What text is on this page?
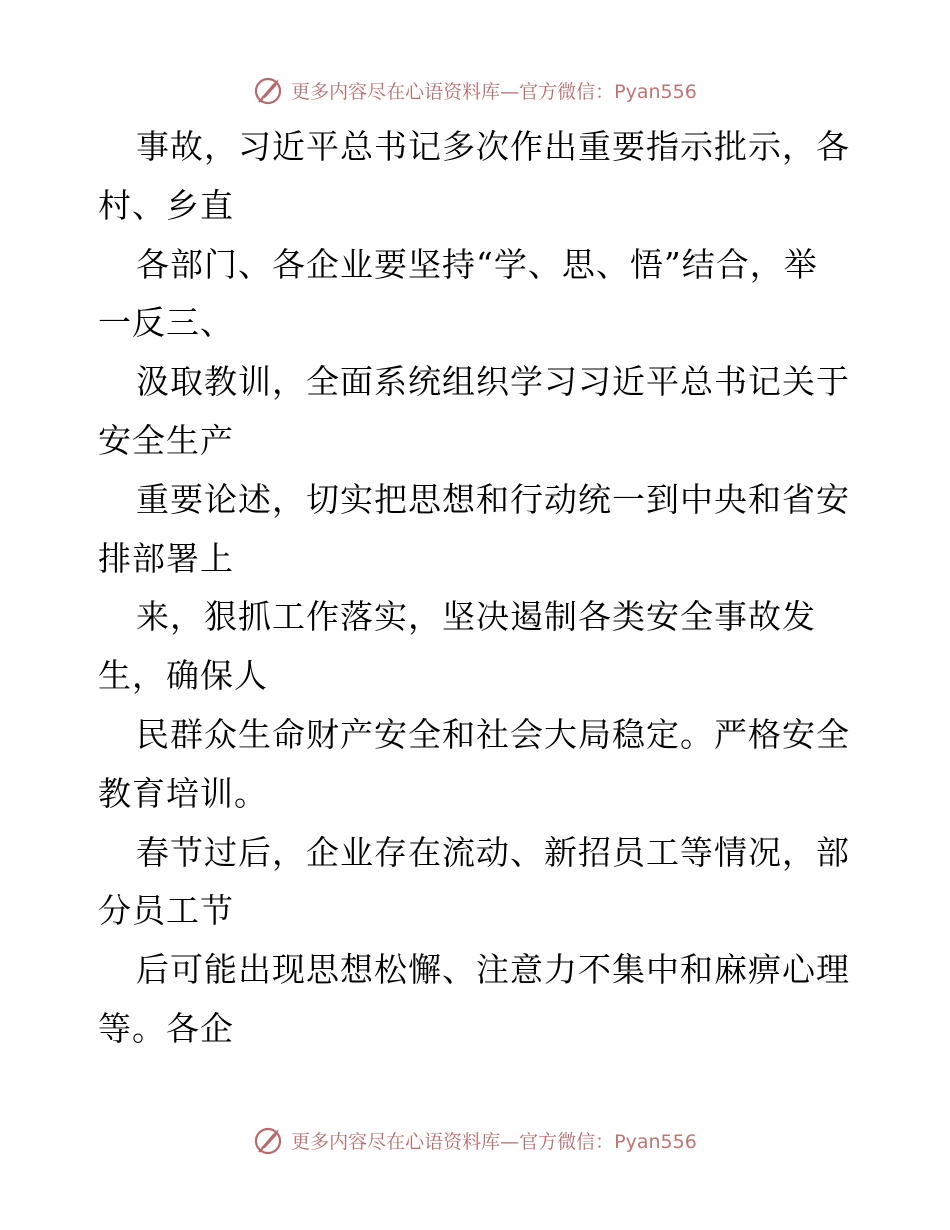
更多内容尽在心语资料库—官方微信：Pyan556
事故，习近平总书记多次作出重要指示批示，各
村、乡直
各部门、各企业要坚持“学、思、悟”结合，举
一反三、
汲取教训，全面系统组织学习习近平总书记关于
安全生产
重要论述，切实把思想和行动统一到中央和省安
排部署上
来，狠抓工作落实，坚决遏制各类安全事故发
生，确保人
民群众生命财产安全和社会大局稳定。严格安全
教育培训。
春节过后，企业存在流动、新招员工等情况，部
分员工节
后可能出现思想松懈、注意力不集中和麻痹心理
等。各企
更多内容尽在心语资料库—官方微信：Pyan556
